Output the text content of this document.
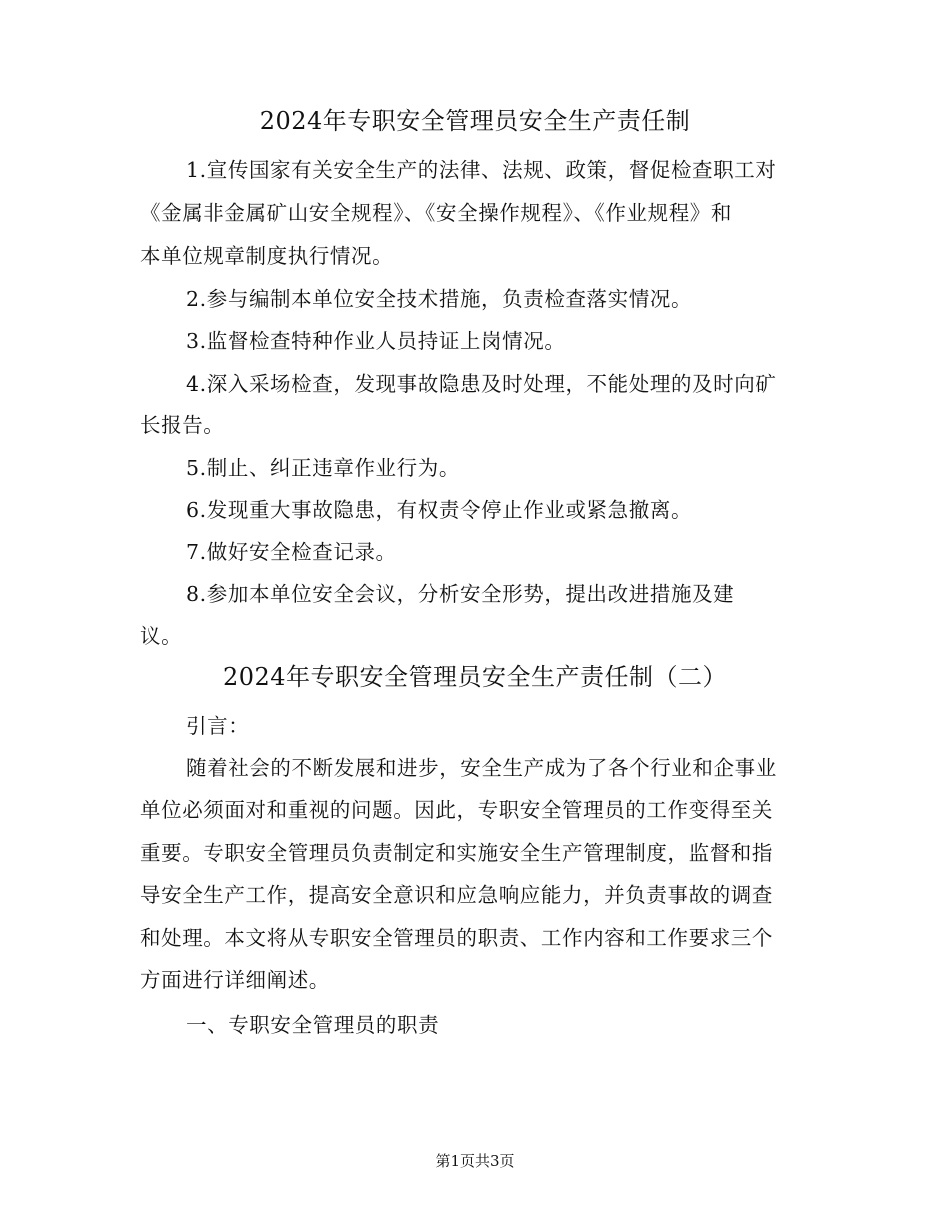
2024年专职安全管理员安全生产责任制
1.宣传国家有关安全生产的法律、法规、政策，督促检查职工对
《金属非金属矿山安全规程》、《安全操作规程》、《作业规程》和
本单位规章制度执行情况。
2.参与编制本单位安全技术措施，负责检查落实情况。
3.监督检查特种作业人员持证上岗情况。
4.深入采场检查，发现事故隐患及时处理，不能处理的及时向矿
长报告。
5.制止、纠正违章作业行为。
6.发现重大事故隐患，有权责令停止作业或紧急撤离。
7.做好安全检查记录。
8.参加本单位安全会议，分析安全形势，提出改进措施及建
议。
2024年专职安全管理员安全生产责任制（二）
引言：
随着社会的不断发展和进步，安全生产成为了各个行业和企事业
单位必须面对和重视的问题。因此，专职安全管理员的工作变得至关
重要。专职安全管理员负责制定和实施安全生产管理制度，监督和指
导安全生产工作，提高安全意识和应急响应能力，并负责事故的调查
和处理。本文将从专职安全管理员的职责、工作内容和工作要求三个
方面进行详细阐述。
一、专职安全管理员的职责
第1页共3页
